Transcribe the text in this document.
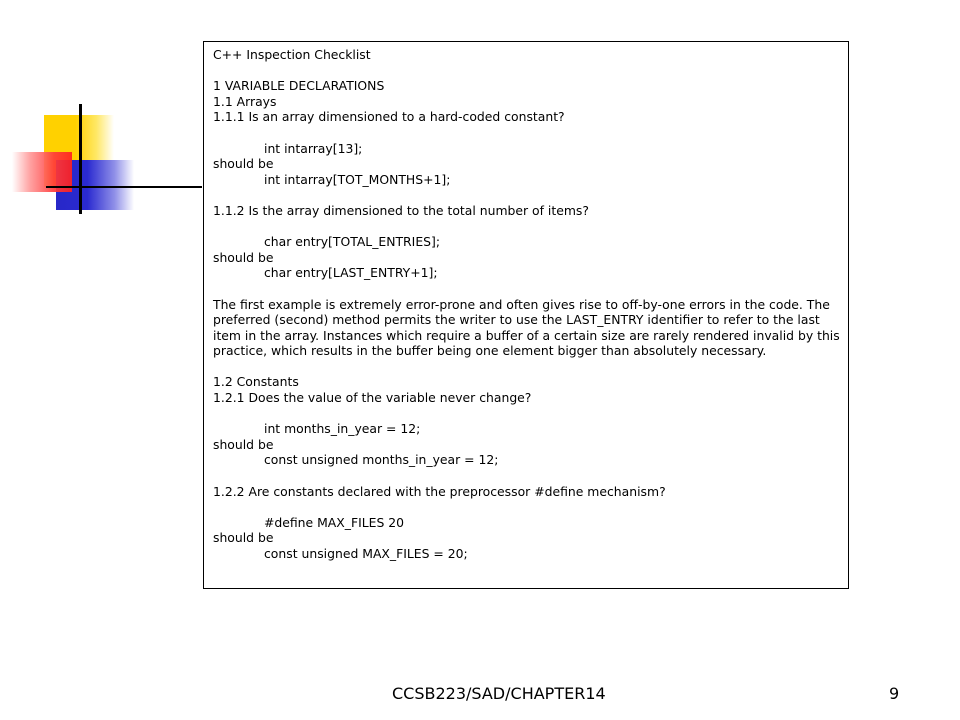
C++ Inspection Checklist
1 VARIABLE DECLARATIONS
1.1 Arrays
1.1.1 Is an array dimensioned to a hard-coded constant?
int intarray[13];
should be
int intarray[TOT_MONTHS+1];
1.1.2 Is the array dimensioned to the total number of items?
char entry[TOTAL_ENTRIES];
should be
char entry[LAST_ENTRY+1];
The first example is extremely error-prone and often gives rise to off-by-one errors in the code. The preferred (second) method permits the writer to use the LAST_ENTRY identifier to refer to the last item in the array. Instances which require a buffer of a certain size are rarely rendered invalid by this practice, which results in the buffer being one element bigger than absolutely necessary.
1.2 Constants
1.2.1 Does the value of the variable never change?
int months_in_year = 12;
should be
const unsigned months_in_year = 12;
1.2.2 Are constants declared with the preprocessor #define mechanism?
#define MAX_FILES 20
should be
const unsigned MAX_FILES = 20;
CCSB223/SAD/CHAPTER14	9
